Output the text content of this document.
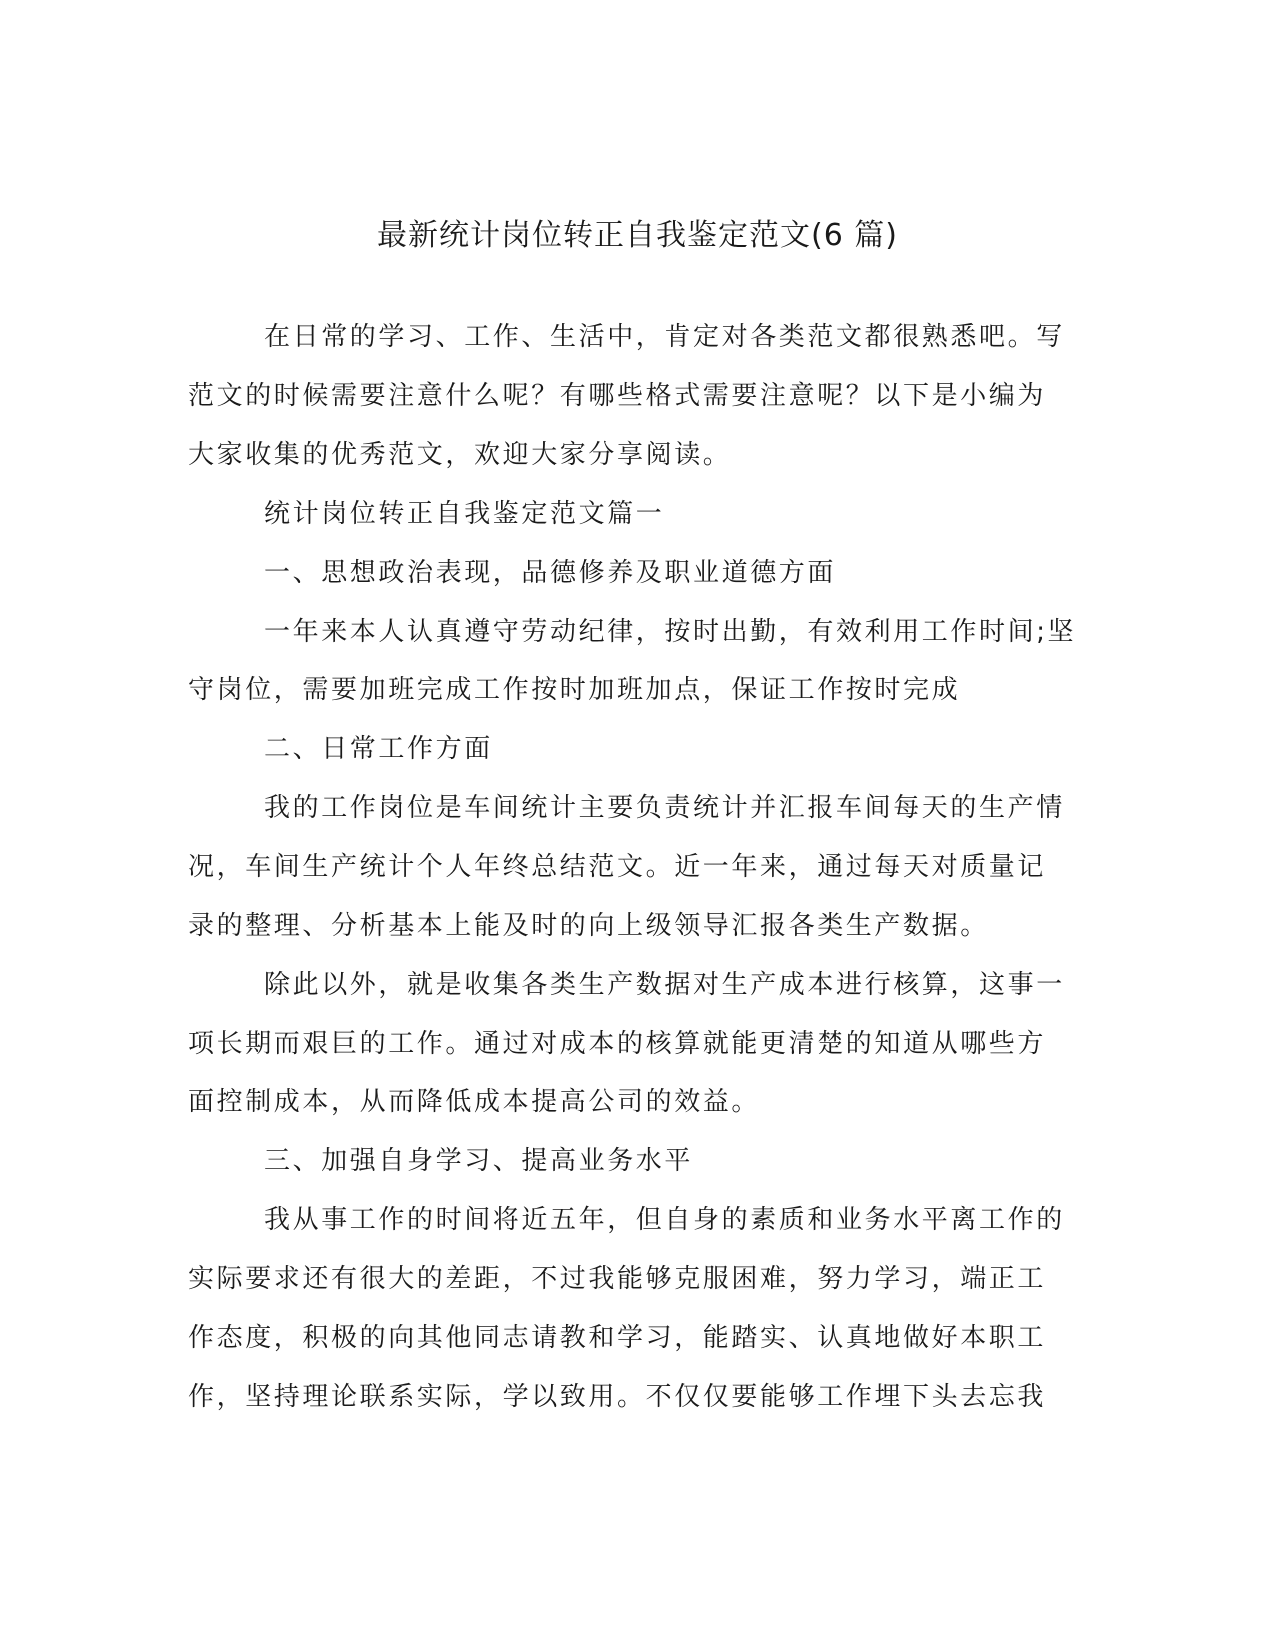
最新统计岗位转正自我鉴定范文(6 篇)
在日常的学习、工作、生活中，肯定对各类范文都很熟悉吧。写
范文的时候需要注意什么呢？有哪些格式需要注意呢？以下是小编为
大家收集的优秀范文，欢迎大家分享阅读。
统计岗位转正自我鉴定范文篇一
一、思想政治表现，品德修养及职业道德方面
一年来本人认真遵守劳动纪律，按时出勤，有效利用工作时间;坚
守岗位，需要加班完成工作按时加班加点，保证工作按时完成
二、日常工作方面
我的工作岗位是车间统计主要负责统计并汇报车间每天的生产情
况，车间生产统计个人年终总结范文。近一年来，通过每天对质量记
录的整理、分析基本上能及时的向上级领导汇报各类生产数据。
除此以外，就是收集各类生产数据对生产成本进行核算，这事一
项长期而艰巨的工作。通过对成本的核算就能更清楚的知道从哪些方
面控制成本，从而降低成本提高公司的效益。
三、加强自身学习、提高业务水平
我从事工作的时间将近五年，但自身的素质和业务水平离工作的
实际要求还有很大的差距，不过我能够克服困难，努力学习，端正工
作态度，积极的向其他同志请教和学习，能踏实、认真地做好本职工
作，坚持理论联系实际，学以致用。不仅仅要能够工作埋下头去忘我
